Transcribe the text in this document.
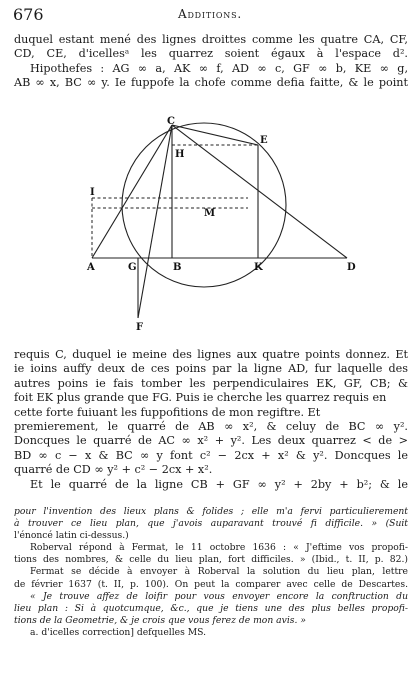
676	Additions.

duquel estant mené des lignes droittes comme les quatre CA, CF,

CD, CE, d'icellesᵃ les quarrez soient égaux à l'espace d².

Hipothefes : AG ∞ a, AK ∞ f, AD ∞ c, GF ∞ b, KE ∞ g,

AB ∞ x, BC ∞ y. Ie fuppofe la chofe comme defia faitte, & le point

C
E
H
I
M
A	G	B	K	D
F

requis C, duquel ie meine des lignes aux quatre points donnez. Et

ie ioins auffy deux de ces poins par la ligne AD, fur laquelle des

autres poins ie fais tomber les perpendiculaires EK, GF, CB; &

foit EK plus grande que FG. Puis ie cherche les quarrez requis en cette forte fuiuant les fuppofitions de mon regiftre. Et

premierement, le quarré de AB ∞ x², & celuy de BC ∞ y².

Doncques le quarré de AC ∞ x² + y². Les deux quarrez < de >

BD ∞ c − x & BC ∞ y font c² − 2cx + x² & y². Doncques le

quarré de CD ∞ y² + c² − 2cx + x².

Et le quarré de la ligne CB + GF ∞ y² + 2by + b²; & le

pour l'invention des lieux plans & folides ; elle m'a fervi particulierement

à trouver ce lieu plan, que j'avois auparavant trouvé fi difficile. » (Suit

l'énoncé latin ci-dessus.)

Roberval répond à Fermat, le 11 octobre 1636 : « J'eftime vos propofi-

tions des nombres, & celle du lieu plan, fort difficiles. » (Ibid., t. II, p. 82.)

Fermat se décide à envoyer à Roberval la solution du lieu plan, lettre

de février 1637 (t. II, p. 100). On peut la comparer avec celle de Descartes.

« Je trouve affez de loifir pour vous envoyer encore la conftruction du

lieu plan : Si à quotcumque, &c., que je tiens une des plus belles propofi-

tions de la Geometrie, & je crois que vous ferez de mon avis. »

a. d'icelles correction] defquelles MS.
